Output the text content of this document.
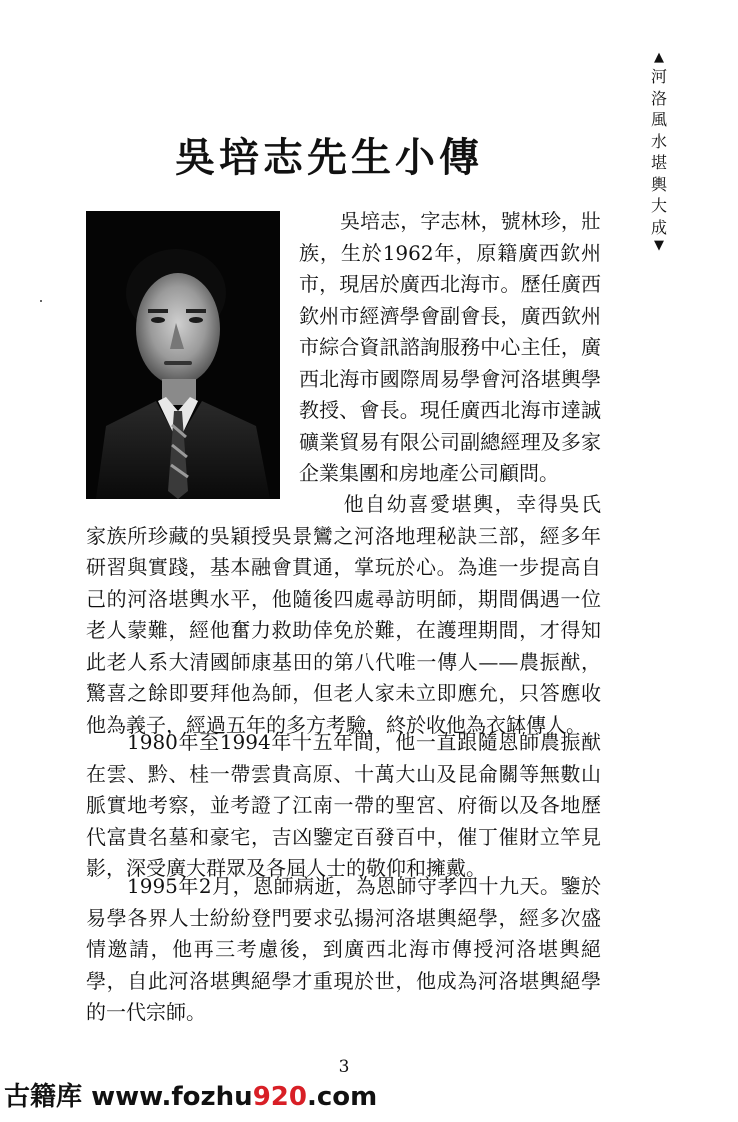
▲
河洛風水堪輿大成
▼
吳培志先生小傳

吳培志，字志林，號林珍，壯族，生於1962年，原籍廣西欽州市，現居於廣西北海市。歷任廣西欽州市經濟學會副會長，廣西欽州市綜合資訊諮詢服務中心主任，廣西北海市國際周易學會河洛堪輿學教授、會長。現任廣西北海市達誠礦業貿易有限公司副總經理及多家企業集團和房地產公司顧問。

他自幼喜愛堪輿，幸得吳氏家族所珍藏的吳穎授吳景鸞之河洛地理秘訣三部，經多年研習與實踐，基本融會貫通，掌玩於心。為進一步提高自己的河洛堪輿水平，他隨後四處尋訪明師，期間偶遇一位老人蒙難，經他奮力救助倖免於難，在護理期間，才得知此老人系大清國師康基田的第八代唯一傳人——農振猷，驚喜之餘即要拜他為師，但老人家未立即應允，只答應收他為義子，經過五年的多方考驗，終於收他為衣缽傳人。

1980年至1994年十五年間，他一直跟隨恩師農振猷在雲、黔、桂一帶雲貴高原、十萬大山及昆侖關等無數山脈實地考察，並考證了江南一帶的聖宮、府衙以及各地歷代富貴名墓和豪宅，吉凶鑒定百發百中，催丁催財立竿見影，深受廣大群眾及各屆人士的敬仰和擁戴。

1995年2月，恩師病逝，為恩師守孝四十九天。鑒於易學各界人士紛紛登門要求弘揚河洛堪輿絕學，經多次盛情邀請，他再三考慮後，到廣西北海市傳授河洛堪輿絕學，自此河洛堪輿絕學才重現於世，他成為河洛堪輿絕學的一代宗師。

3
古籍库 www.fozhu920.com
